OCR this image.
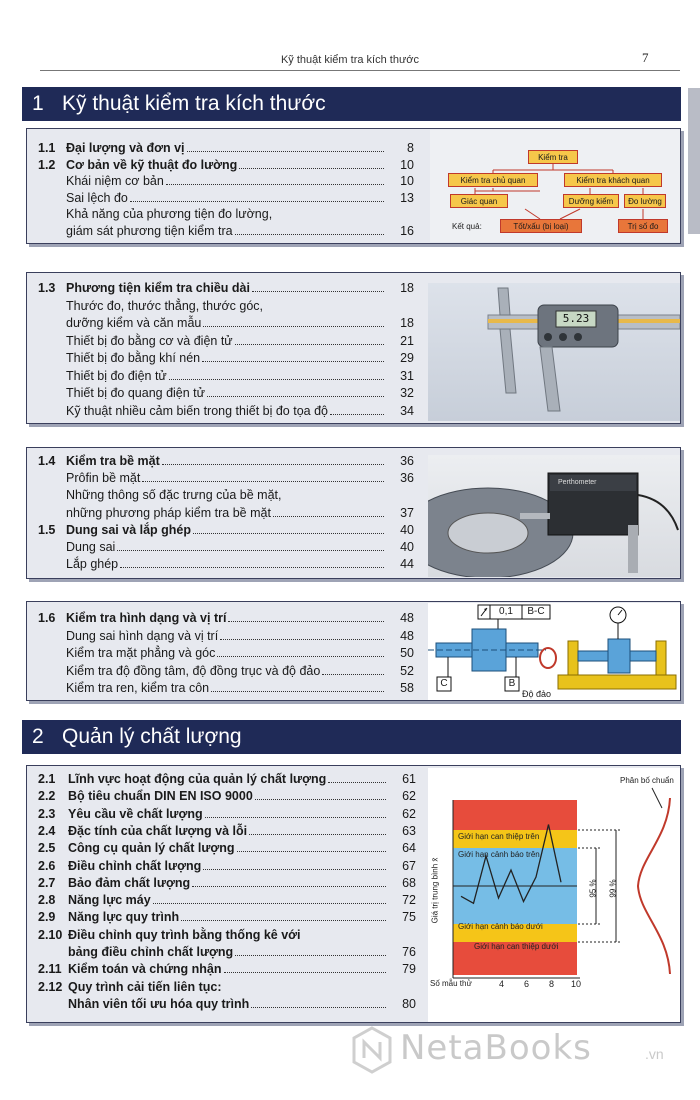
Kỹ thuật kiểm tra kích thước	7
1 Kỹ thuật kiểm tra kích thước
1.1 Đại lượng và đơn vị	8
1.2 Cơ bản về kỹ thuật đo lường	10
Khái niệm cơ bản	10
Sai lệch đo	13
Khả năng của phương tiện đo lường,
giám sát phương tiện kiểm tra	16
Kiểm tra
Kiểm tra chủ quan	Kiểm tra khách quan
Giác quan	Dưỡng kiểm	Đo lường
Kết quả:	Tốt/xấu (bị loại)	Trị số đo
1.3 Phương tiện kiểm tra chiều dài	18
Thước đo, thước thẳng, thước góc,
dưỡng kiểm và căn mẫu	18
Thiết bị đo bằng cơ và điện tử	21
Thiết bị đo bằng khí nén	29
Thiết bị đo điện tử	31
Thiết bị đo quang điện tử	32
Kỹ thuật nhiều cảm biến trong thiết bị đo tọa độ	34
5.23
1.4 Kiểm tra bề mặt	36
Prôfin bề mặt	36
Những thông số đặc trưng của bề mặt,
những phương pháp kiểm tra bề mặt	37
1.5 Dung sai và lắp ghép	40
Dung sai	40
Lắp ghép	44
Perthometer
1.6 Kiểm tra hình dạng và vị trí	48
Dung sai hình dạng và vị trí	48
Kiểm tra mặt phẳng và góc	50
Kiểm tra độ đồng tâm, độ đồng trục và độ đảo	52
Kiểm tra ren, kiểm tra côn	58
0,1	B-C
C	B
Độ đảo
2 Quản lý chất lượng
2.1 Lĩnh vực hoạt động của quản lý chất lượng	61
2.2 Bộ tiêu chuẩn DIN EN ISO 9000	62
2.3 Yêu cầu về chất lượng	62
2.4 Đặc tính của chất lượng và lỗi	63
2.5 Công cụ quản lý chất lượng	64
2.6 Điều chỉnh chất lượng	67
2.7 Bảo đảm chất lượng	68
2.8 Năng lực máy	72
2.9 Năng lực quy trình	75
2.10 Điều chỉnh quy trình bằng thống kê với
bảng điều chỉnh chất lượng	76
2.11 Kiểm toán và chứng nhận	79
2.12 Quy trình cải tiến liên tục:
Nhân viên tối ưu hóa quy trình	80
Phân bố chuẩn
Giới hạn can thiệp trên
Giới hạn cảnh báo trên
Giới hạn cảnh báo dưới
Giới hạn can thiệp dưới
Giá trị trung bình x̄	95 % 99 %
Số mẫu thử	4 6 8 10
NetaBooks	.vn
